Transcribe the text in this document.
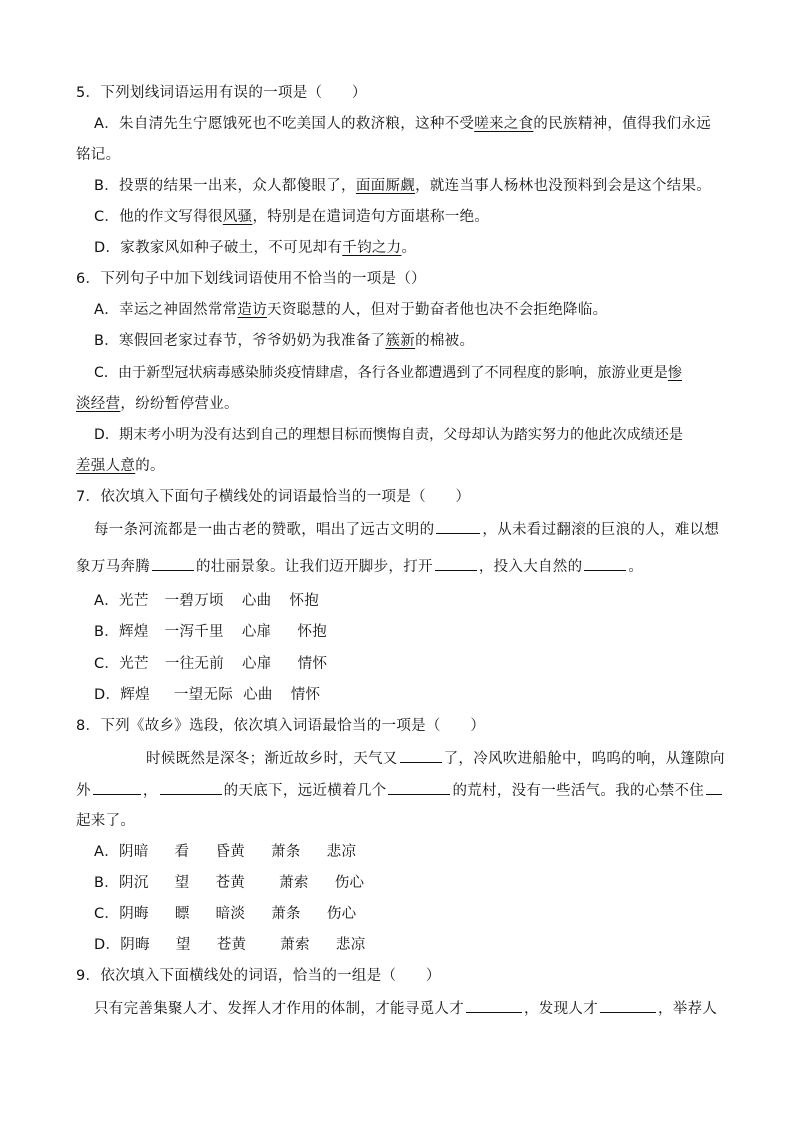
5．下列划线词语运用有误的一项是（　　）
A．朱自清先生宁愿饿死也不吃美国人的救济粮，这种不受嗟来之食的民族精神，值得我们永远
铭记。
B．投票的结果一出来，众人都傻眼了，面面厮觑，就连当事人杨林也没预料到会是这个结果。
C．他的作文写得很风骚，特别是在遣词造句方面堪称一绝。
D．家教家风如种子破土，不可见却有千钧之力。
6．下列句子中加下划线词语使用不恰当的一项是（）
A．幸运之神固然常常造访天资聪慧的人，但对于勤奋者他也决不会拒绝降临。
B．寒假回老家过春节，爷爷奶奶为我准备了簇新的棉被。
C．由于新型冠状病毒感染肺炎疫情肆虐，各行各业都遭遇到了不同程度的影响，旅游业更是惨
淡经营，纷纷暂停营业。
D．期末考小明为没有达到自己的理想目标而懊悔自责，父母却认为踏实努力的他此次成绩还是
差强人意的。
7．依次填入下面句子横线处的词语最恰当的一项是（　　）
每一条河流都是一曲古老的赞歌，唱出了远古文明的	，从未看过翻滚的巨浪的人，难以想
象万马奔腾	的壮丽景象。让我们迈开脚步，打开	，投入大自然的	。
A．光芒 一碧万顷 心曲 怀抱
B．辉煌 一泻千里 心扉 怀抱
C．光芒 一往无前 心扉 情怀
D．辉煌 一望无际 心曲 情怀
8．下列《故乡》选段，依次填入词语最恰当的一项是（　　）
时候既然是深冬；渐近故乡时，天气又	了，冷风吹进船舱中，呜呜的响，从篷隙向
外	，	的天底下，远近横着几个	的荒村，没有一些活气。我的心禁不住
起来了。
A．阴暗 看 昏黄 萧条 悲凉
B．阴沉 望 苍黄 萧索 伤心
C．阴晦 瞟 暗淡 萧条 伤心
D．阴晦 望 苍黄 萧索 悲凉
9．依次填入下面横线处的词语，恰当的一组是（　　）
只有完善集聚人才、发挥人才作用的体制，才能寻觅人才	，发现人才	，举荐人
